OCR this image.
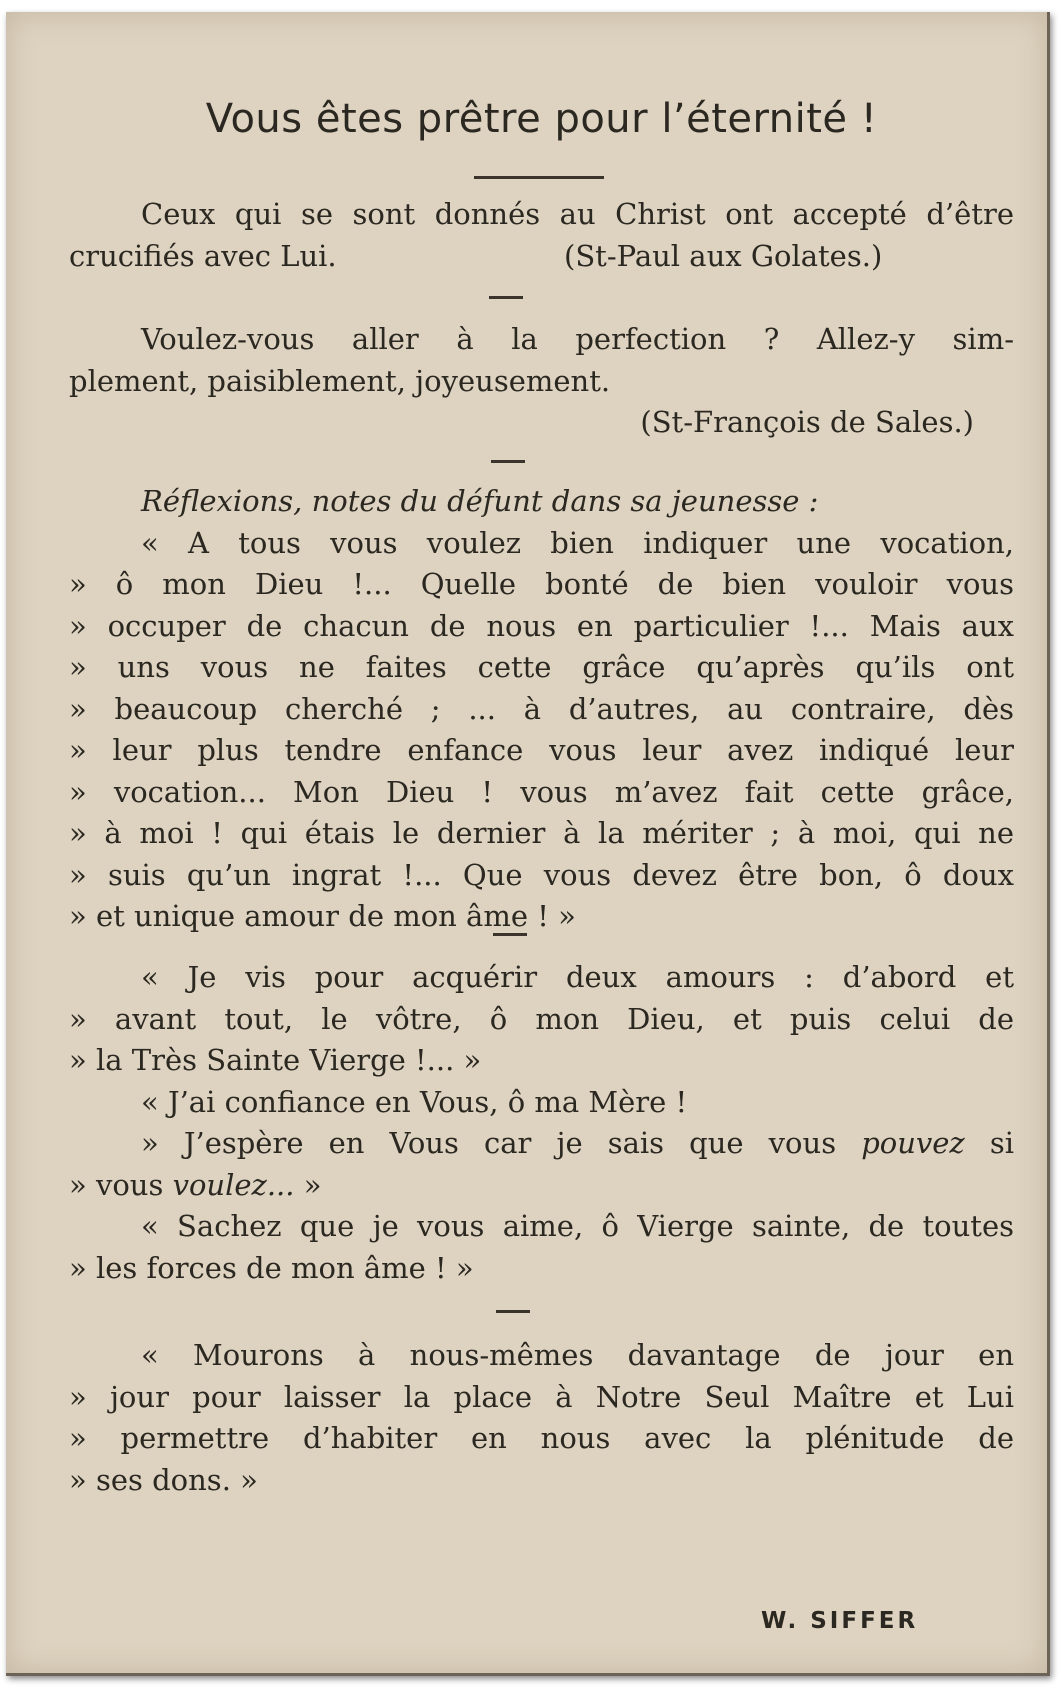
Vous êtes prêtre pour l’éternité !
Ceux qui se sont donnés au Christ ont accepté d’être
crucifiés avec Lui.	(St-Paul aux Golates.)
Voulez-vous aller à la perfection ? Allez-y sim-
plement, paisiblement, joyeusement.
(St-François de Sales.)
Réflexions, notes du défunt dans sa jeunesse :
« A tous vous voulez bien indiquer une vocation,
» ô mon Dieu !... Quelle bonté de bien vouloir vous
» occuper de chacun de nous en particulier !... Mais aux
» uns vous ne faites cette grâce qu’après qu’ils ont
» beaucoup cherché ; ... à d’autres, au contraire, dès
» leur plus tendre enfance vous leur avez indiqué leur
» vocation... Mon Dieu ! vous m’avez fait cette grâce,
» à moi ! qui étais le dernier à la mériter ; à moi, qui ne
» suis qu’un ingrat !... Que vous devez être bon, ô doux
» et unique amour de mon âme ! »
« Je vis pour acquérir deux amours : d’abord et
» avant tout, le vôtre, ô mon Dieu, et puis celui de
» la Très Sainte Vierge !... »
« J’ai confiance en Vous, ô ma Mère !
» J’espère en Vous car je sais que vous pouvez si
» vous voulez... »
« Sachez que je vous aime, ô Vierge sainte, de toutes
» les forces de mon âme ! »
« Mourons à nous-mêmes davantage de jour en
» jour pour laisser la place à Notre Seul Maître et Lui
» permettre d’habiter en nous avec la plénitude de
» ses dons. »
W. SIFFER
